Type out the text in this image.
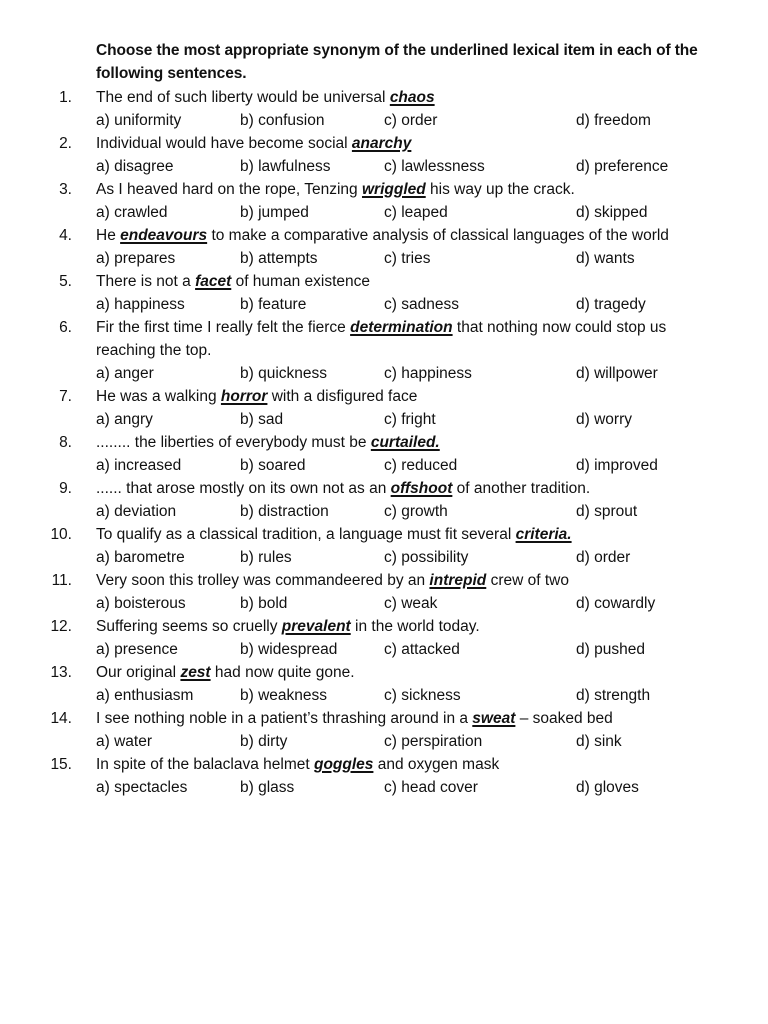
Choose the most appropriate synonym of the underlined lexical item in each of the following sentences.
1. The end of such liberty would be universal chaos
a) uniformity	b) confusion	c) order	d) freedom
2. Individual would have become social anarchy
a) disagree	b) lawfulness	c) lawlessness	d) preference
3. As I heaved hard on the rope, Tenzing wriggled his way up the crack.
a) crawled	b) jumped	c) leaped	d) skipped
4. He endeavours to make a comparative analysis of classical languages of the world
a) prepares	b) attempts	c) tries	d) wants
5. There is not a facet of human existence
a) happiness	b) feature	c) sadness	d) tragedy
6. Fir the first time I really felt the fierce determination that nothing now could stop us reaching the top.
a) anger	b) quickness	c) happiness	d) willpower
7. He was a walking horror with a disfigured face
a) angry	b) sad	c) fright	d) worry
8. ........ the liberties of everybody must be curtailed.
a) increased	b) soared	c) reduced	d) improved
9. ...... that arose mostly on its own not as an offshoot of another tradition.
a) deviation	b) distraction	c) growth	d) sprout
10. To qualify as a classical tradition, a language must fit several criteria.
a) barometre	b) rules	c) possibility	d) order
11. Very soon this trolley was commandeered by an intrepid crew of two
a) boisterous	b) bold	c) weak	d) cowardly
12. Suffering seems so cruelly prevalent in the world today.
a) presence	b) widespread	c) attacked	d) pushed
13. Our original zest had now quite gone.
a) enthusiasm	b) weakness	c) sickness	d) strength
14. I see nothing noble in a patient’s thrashing around in a sweat – soaked bed
a) water	b) dirty	c) perspiration	d) sink
15. In spite of the balaclava helmet goggles and oxygen mask
a) spectacles	b) glass	c) head cover	d) gloves
